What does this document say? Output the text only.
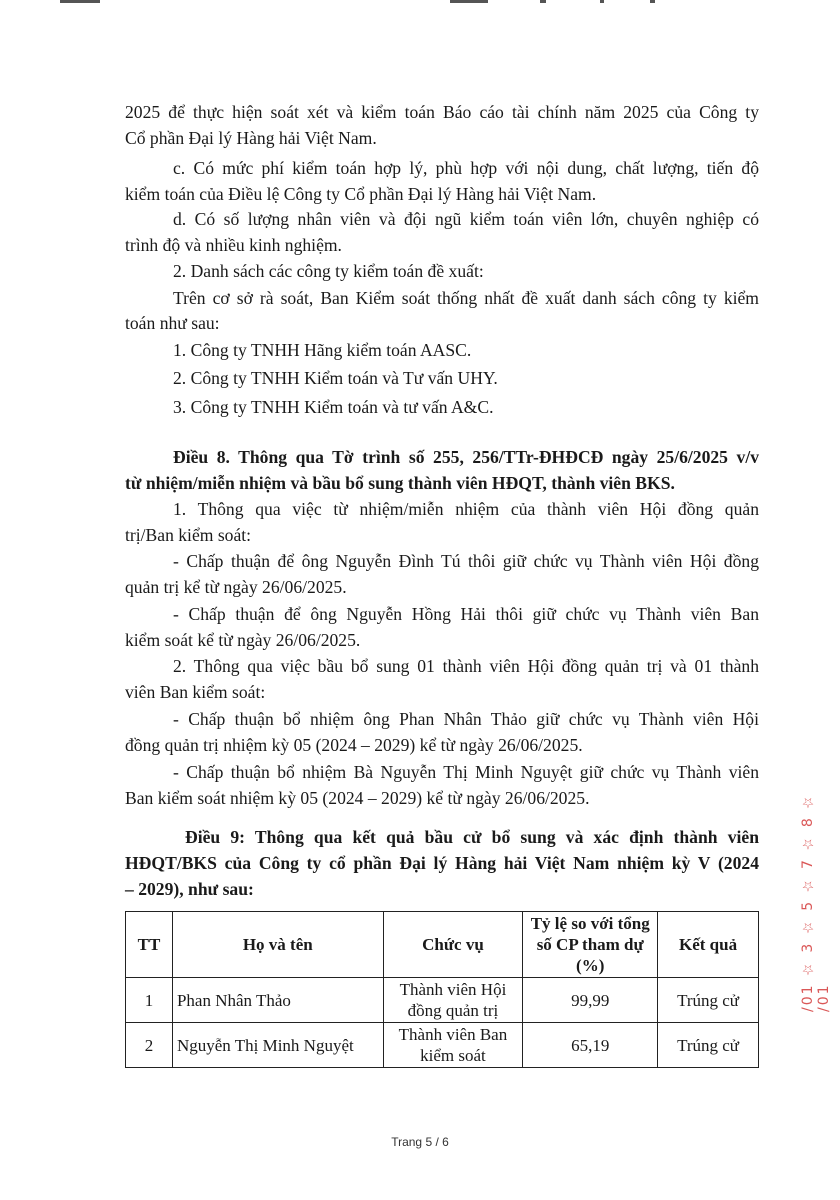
2025 để thực hiện soát xét và kiểm toán Báo cáo tài chính năm 2025 của Công ty
Cổ phần Đại lý Hàng hải Việt Nam.
c. Có mức phí kiểm toán hợp lý, phù hợp với nội dung, chất lượng, tiến độ
kiểm toán của Điều lệ Công ty Cổ phần Đại lý Hàng hải Việt Nam.
d. Có số lượng nhân viên và đội ngũ kiểm toán viên lớn, chuyên nghiệp có
trình độ và nhiều kinh nghiệm.
2. Danh sách các công ty kiểm toán đề xuất:
Trên cơ sở rà soát, Ban Kiểm soát thống nhất đề xuất danh sách công ty kiểm
toán như sau:
1. Công ty TNHH Hãng kiểm toán AASC.
2. Công ty TNHH Kiểm toán và Tư vấn UHY.
3. Công ty TNHH Kiểm toán và tư vấn A&C.
Điều 8. Thông qua Tờ trình số 255, 256/TTr-ĐHĐCĐ ngày 25/6/2025 v/v
từ nhiệm/miễn nhiệm và bầu bổ sung thành viên HĐQT, thành viên BKS.
1. Thông qua việc từ nhiệm/miễn nhiệm của thành viên Hội đồng quản
trị/Ban kiểm soát:
- Chấp thuận để ông Nguyễn Đình Tú thôi giữ chức vụ Thành viên Hội đồng
quản trị kể từ ngày 26/06/2025.
- Chấp thuận để ông Nguyễn Hồng Hải thôi giữ chức vụ Thành viên Ban
kiểm soát kể từ ngày 26/06/2025.
2. Thông qua việc bầu bổ sung 01 thành viên Hội đồng quản trị và 01 thành
viên Ban kiểm soát:
- Chấp thuận bổ nhiệm ông Phan Nhân Thảo giữ chức vụ Thành viên Hội
đồng quản trị nhiệm kỳ 05 (2024 – 2029) kể từ ngày 26/06/2025.
- Chấp thuận bổ nhiệm Bà Nguyễn Thị Minh Nguyệt giữ chức vụ Thành viên
Ban kiểm soát nhiệm kỳ 05 (2024 – 2029) kể từ ngày 26/06/2025.
Điều 9: Thông qua kết quả bầu cử bổ sung và xác định thành viên
HĐQT/BKS của Công ty cổ phần Đại lý Hàng hải Việt Nam nhiệm kỳ V (2024
– 2029), như sau:
TT	Họ và tên	Chức vụ	Tỷ lệ so với tổng số CP tham dự (%)	Kết quả
1	Phan Nhân Thảo	Thành viên Hội đồng quản trị	99,99	Trúng cử
2	Nguyễn Thị Minh Nguyệt	Thành viên Ban kiểm soát	65,19	Trúng cử
/01 ☆ 3 ☆ 5 ☆ 7 ☆ 8 ☆ /01
Trang 5 / 6
